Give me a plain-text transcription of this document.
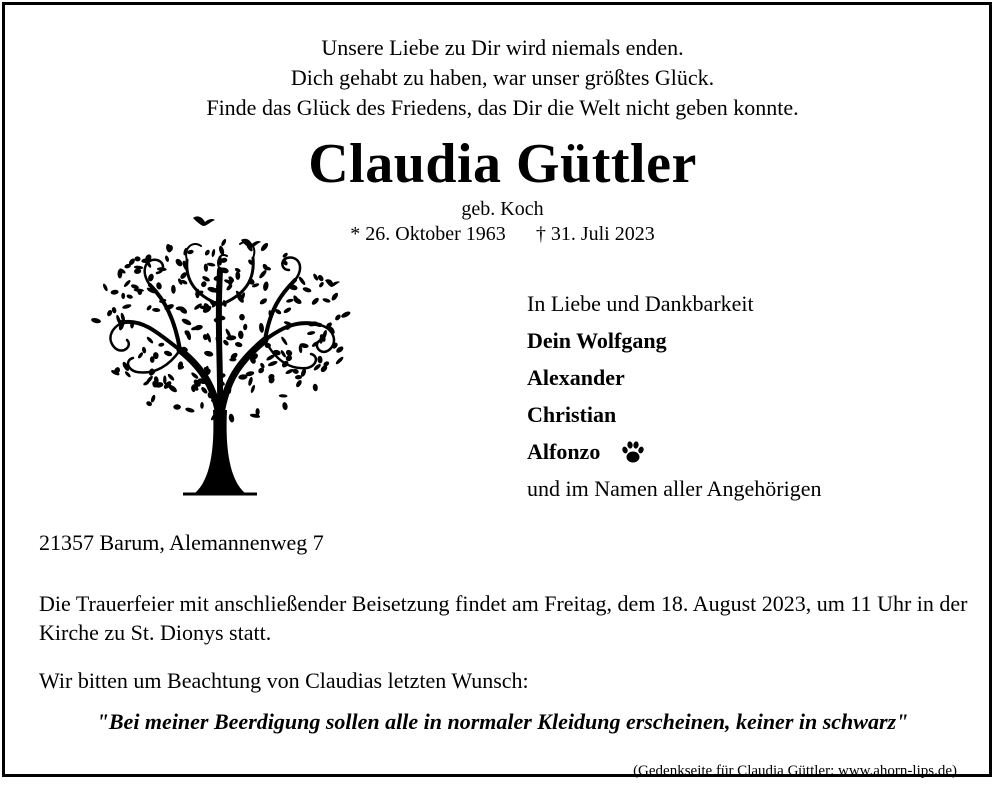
Unsere Liebe zu Dir wird niemals enden.
Dich gehabt zu haben, war unser größtes Glück.
Finde das Glück des Friedens, das Dir die Welt nicht geben konnte.
Claudia Güttler
geb. Koch
* 26. Oktober 1963 † 31. Juli 2023
In Liebe und Dankbarkeit
Dein Wolfgang
Alexander
Christian
Alfonzo
und im Namen aller Angehörigen
21357 Barum, Alemannenweg 7
Die Trauerfeier mit anschließender Beisetzung findet am Freitag, dem 18. August 2023, um 11 Uhr in der Kirche zu St. Dionys statt.
Wir bitten um Beachtung von Claudias letzten Wunsch:
"Bei meiner Beerdigung sollen alle in normaler Kleidung erscheinen, keiner in schwarz"
(Gedenkseite für Claudia Güttler: www.ahorn-lips.de)
